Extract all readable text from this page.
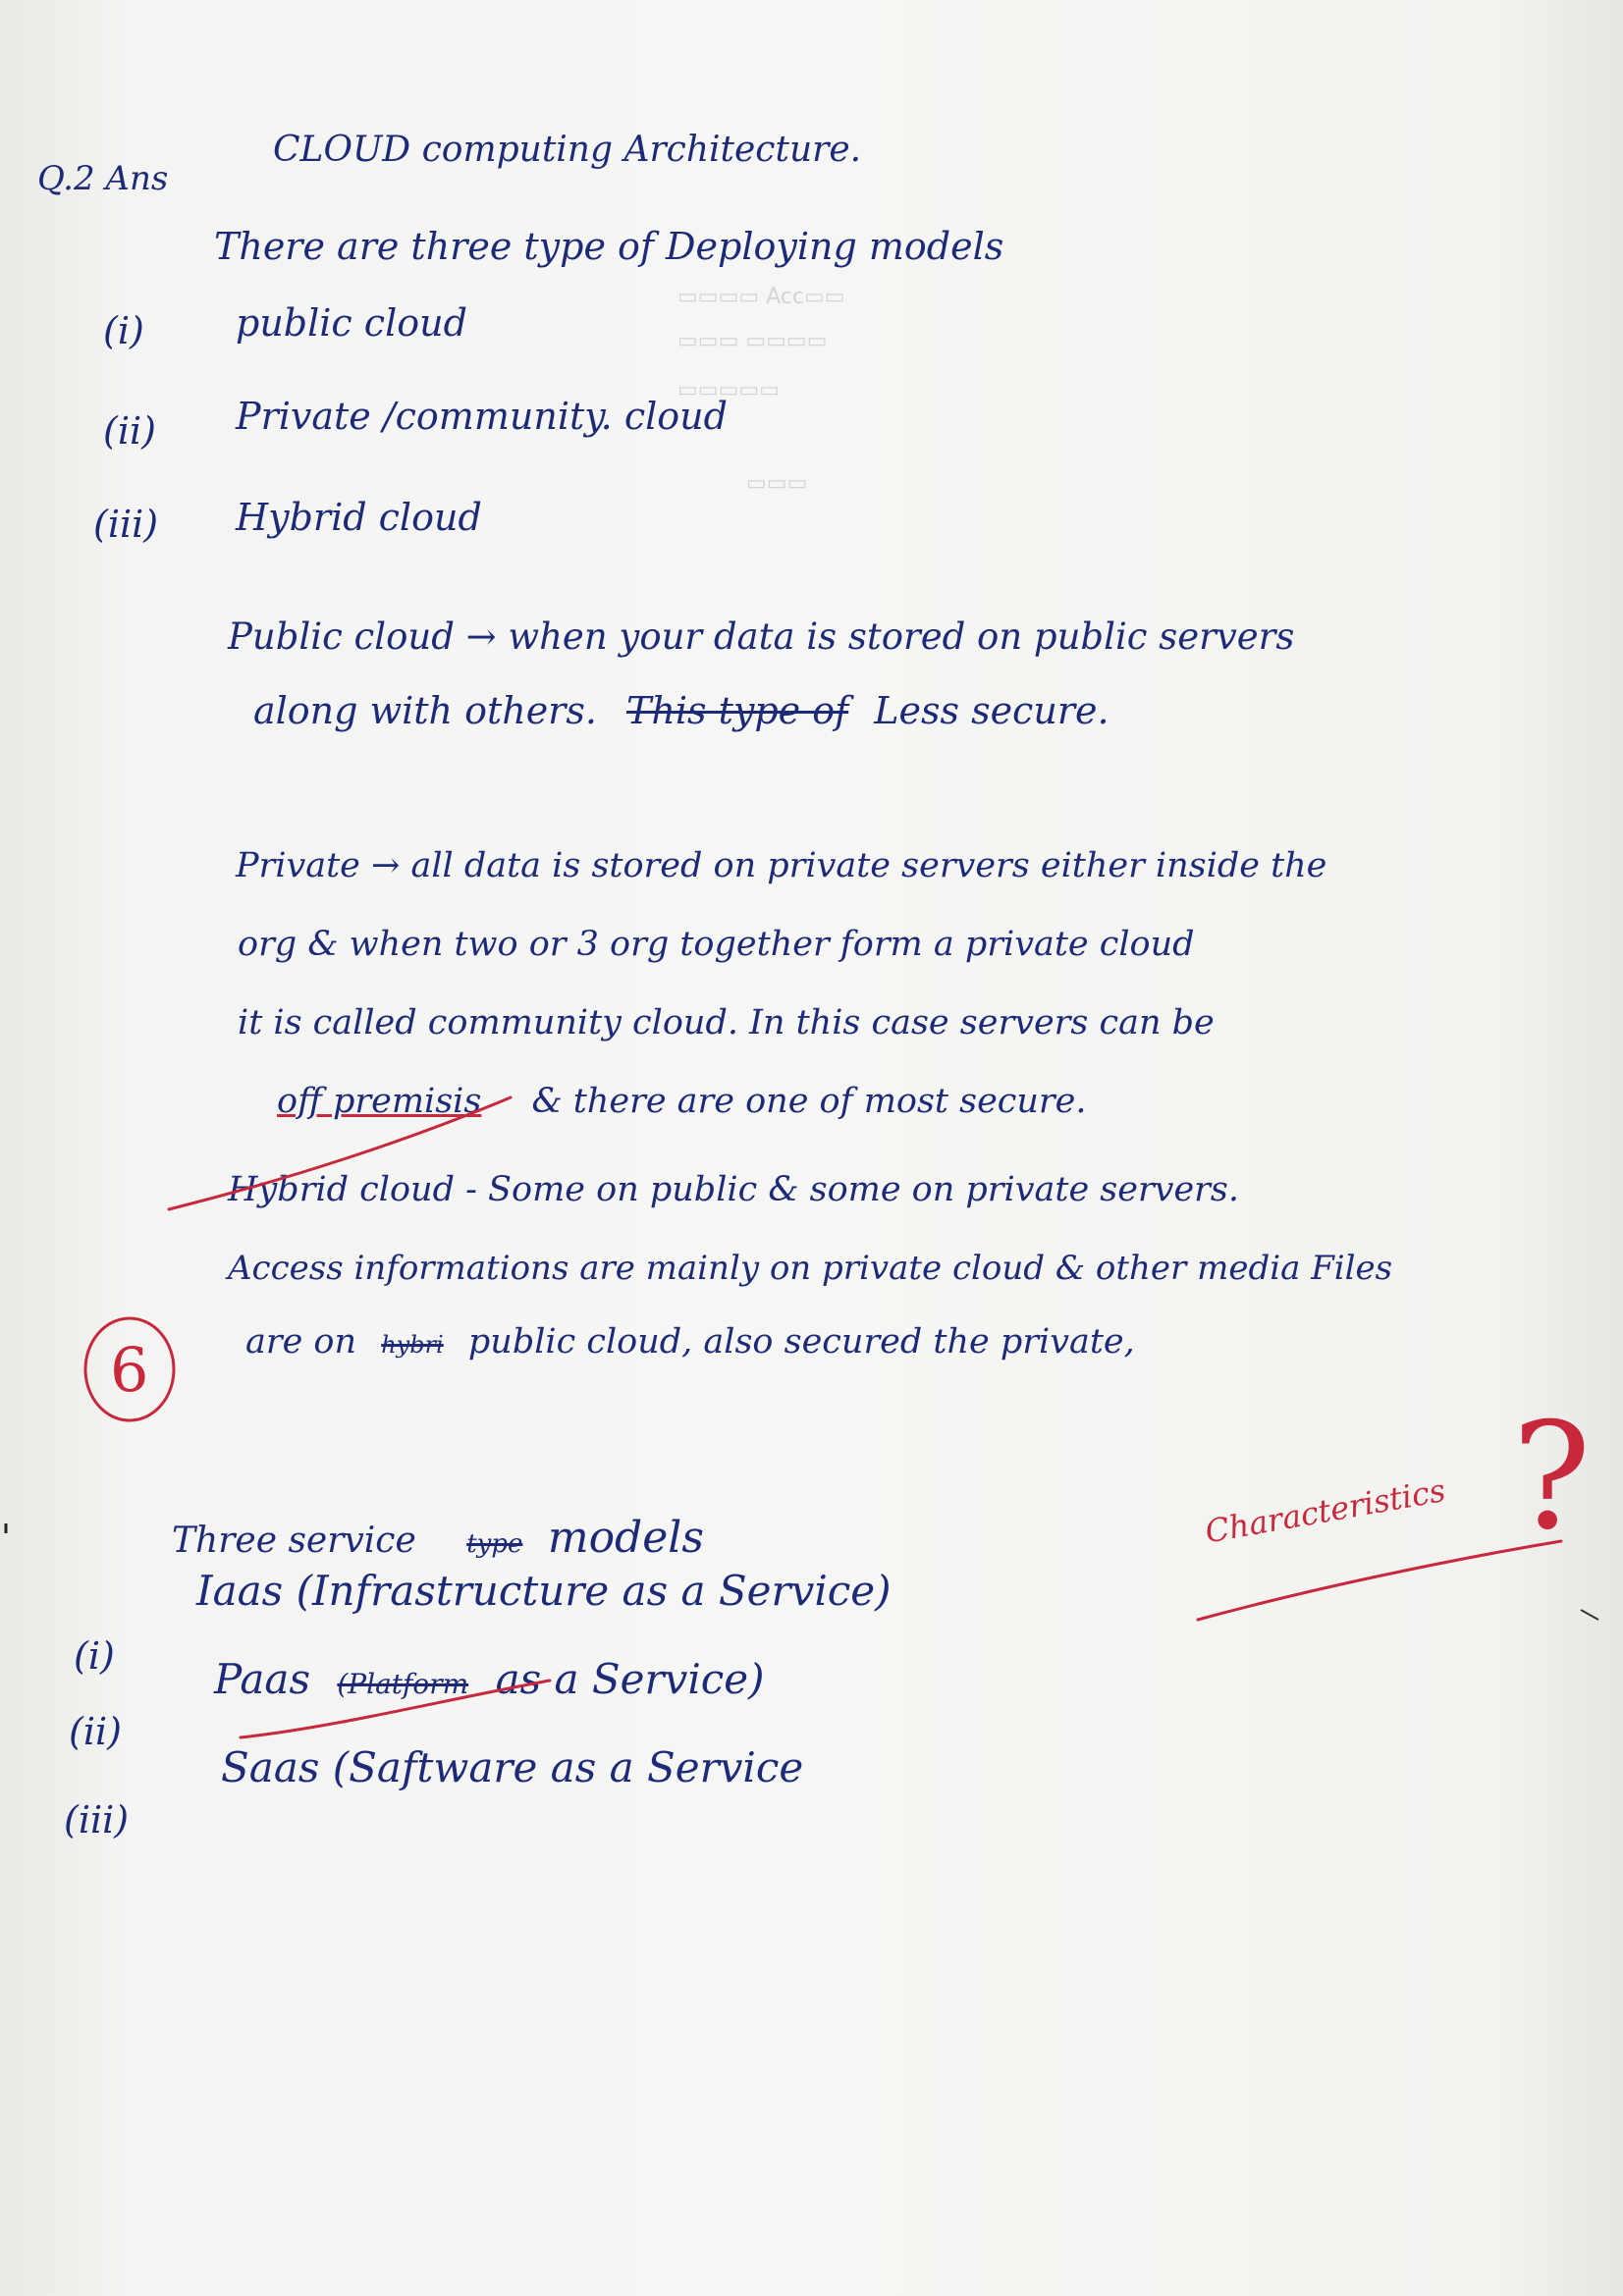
▭▭▭▭ Acc▭▭
▭▭▭ ▭▭▭▭
▭▭▭▭▭
▭▭▭
Q.2 Ans
CLOUD computing Architecture.
There are three type of Deploying models
(i) public cloud
(ii) Private /community. cloud
(iii) Hybrid cloud
Public cloud → when your data is stored on public servers
along with others. This type of Less secure.
Private → all data is stored on private servers either inside the
org & when two or 3 org together form a private cloud
it is called community cloud. In this case servers can be
off premisis & there are one of most secure.
Hybrid cloud - Some on public & some on private servers.
Access informations are mainly on private cloud & other media Files
are on hybri public cloud, also secured the private,
6
Three service type models
(i)
Iaas (Infrastructure as a Service)
(ii)
Paas (Platform as a Service)
(iii)
Saas (Saftware as a Service
Characteristics ?
